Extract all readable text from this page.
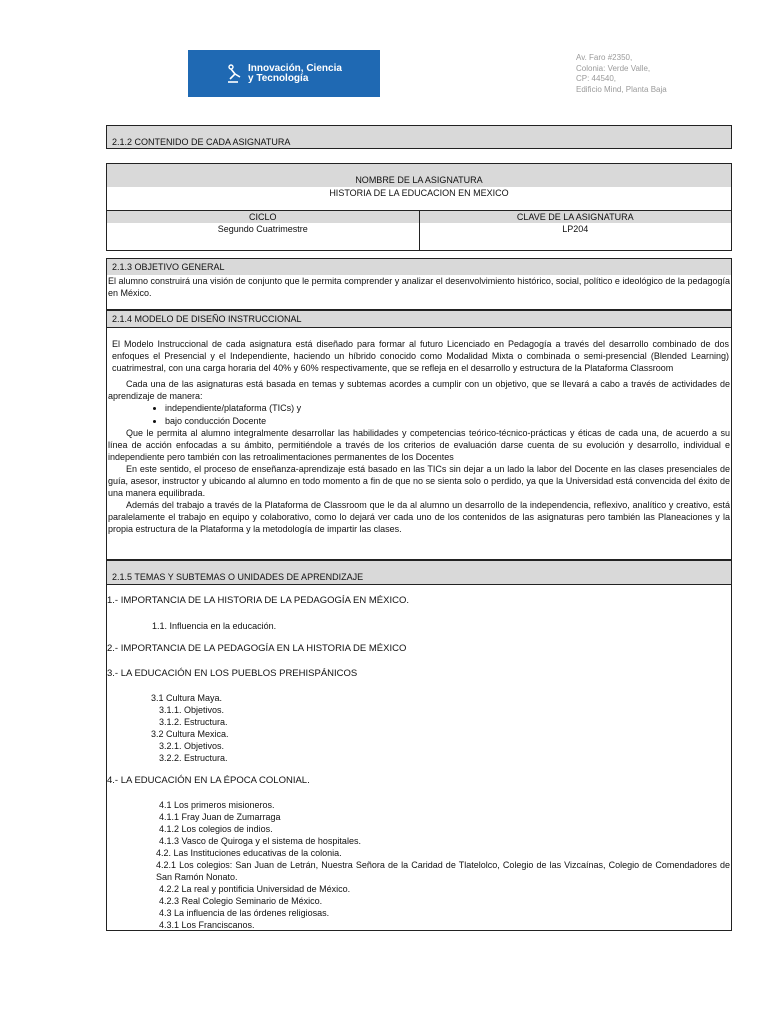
Innovación, Ciencia
y Tecnología
Av. Faro #2350,
Colonia: Verde Valle,
CP: 44540,
Edificio Mind, Planta Baja
2.1.2 CONTENIDO DE CADA ASIGNATURA
NOMBRE DE LA ASIGNATURA
HISTORIA DE LA EDUCACION EN MEXICO
CICLO	CLAVE DE LA ASIGNATURA
Segundo Cuatrimestre	LP204
2.1.3 OBJETIVO GENERAL
El alumno construirá una visión de conjunto que le permita comprender y analizar el desenvolvimiento histórico, social, político e ideológico de la pedagogía en México.
2.1.4 MODELO DE DISEÑO INSTRUCCIONAL
El Modelo Instruccional de cada asignatura está diseñado para formar al futuro Licenciado en Pedagogía a través del desarrollo combinado de dos enfoques el Presencial y el Independiente, haciendo un híbrido conocido como Modalidad Mixta o combinada o semi-presencial (Blended Learning) cuatrimestral, con una carga horaria del 40% y 60% respectivamente, que se refleja en el desarrollo y estructura de la Plataforma Classroom
Cada una de las asignaturas está basada en temas y subtemas acordes a cumplir con un objetivo, que se llevará a cabo a través de actividades de aprendizaje de manera:
• independiente/plataforma (TICs) y
• bajo conducción Docente
Que le permita al alumno integralmente desarrollar las habilidades y competencias teórico-técnico-prácticas y éticas de cada una, de acuerdo a su línea de acción enfocadas a su ámbito, permitiéndole a través de los criterios de evaluación darse cuenta de su evolución y desarrollo, individual e independiente pero también con las retroalimentaciones permanentes de los Docentes
En este sentido, el proceso de enseñanza-aprendizaje está basado en las TICs sin dejar a un lado la labor del Docente en las clases presenciales de guía, asesor, instructor y ubicando al alumno en todo momento a fin de que no se sienta solo o perdido, ya que la Universidad está convencida del éxito de una manera equilibrada.
Además del trabajo a través de la Plataforma de Classroom que le da al alumno un desarrollo de la independencia, reflexivo, analítico y creativo, está paralelamente el trabajo en equipo y colaborativo, como lo dejará ver cada uno de los contenidos de las asignaturas pero también las Planeaciones y la propia estructura de la Plataforma y la metodología de impartir las clases.
2.1.5 TEMAS Y SUBTEMAS O UNIDADES DE APRENDIZAJE
1.- IMPORTANCIA DE LA HISTORIA DE LA PEDAGOGÍA EN MÉXICO.
1.1. Influencia en la educación.
2.- IMPORTANCIA DE LA PEDAGOGÍA EN LA HISTORIA DE MÉXICO
3.- LA EDUCACIÓN EN LOS PUEBLOS PREHISPÁNICOS
3.1 Cultura Maya.
3.1.1. Objetivos.
3.1.2. Estructura.
3.2 Cultura Mexica.
3.2.1. Objetivos.
3.2.2. Estructura.
4.- LA EDUCACIÓN EN LA ÉPOCA COLONIAL.
4.1 Los primeros misioneros.
4.1.1 Fray Juan de Zumarraga
4.1.2 Los colegios de indios.
4.1.3 Vasco de Quiroga y el sistema de hospitales.
4.2. Las Instituciones educativas de la colonia.
4.2.1 Los colegios: San Juan de Letrán, Nuestra Señora de la Caridad de Tlatelolco, Colegio de las Vizcaínas, Colegio de Comendadores de San Ramón Nonato.
4.2.2 La real y pontificia Universidad de México.
4.2.3 Real Colegio Seminario de México.
4.3 La influencia de las órdenes religiosas.
4.3.1 Los Franciscanos.
